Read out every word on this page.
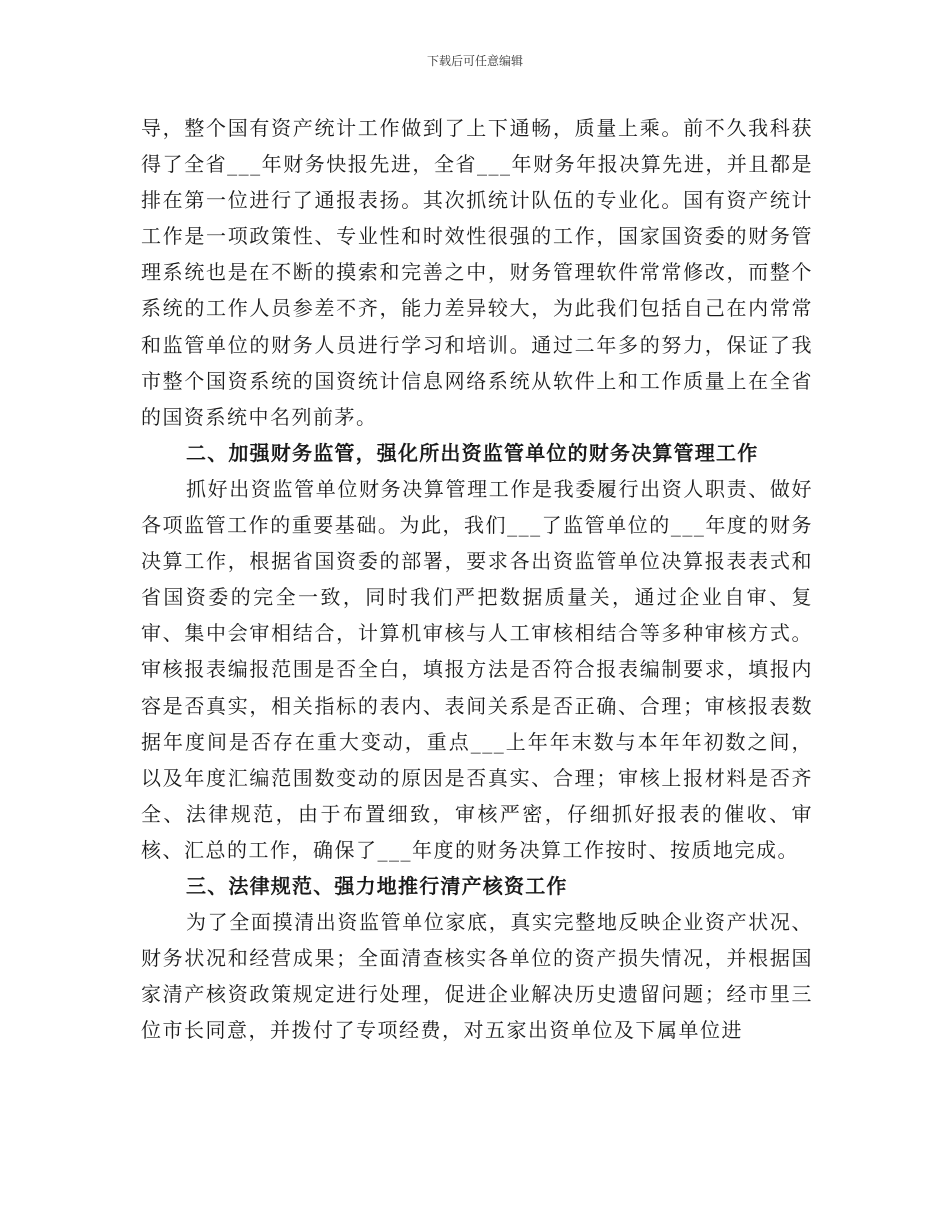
下载后可任意编辑

导，整个国有资产统计工作做到了上下通畅，质量上乘。前不久我科获得了全省___年财务快报先进，全省___年财务年报决算先进，并且都是排在第一位进行了通报表扬。其次抓统计队伍的专业化。国有资产统计工作是一项政策性、专业性和时效性很强的工作，国家国资委的财务管理系统也是在不断的摸索和完善之中，财务管理软件常常修改，而整个系统的工作人员参差不齐，能力差异较大，为此我们包括自己在内常常和监管单位的财务人员进行学习和培训。通过二年多的努力，保证了我市整个国资系统的国资统计信息网络系统从软件上和工作质量上在全省的国资系统中名列前茅。

二、加强财务监管，强化所出资监管单位的财务决算管理工作

抓好出资监管单位财务决算管理工作是我委履行出资人职责、做好各项监管工作的重要基础。为此，我们___了监管单位的___年度的财务决算工作，根据省国资委的部署，要求各出资监管单位决算报表表式和省国资委的完全一致，同时我们严把数据质量关，通过企业自审、复审、集中会审相结合，计算机审核与人工审核相结合等多种审核方式。审核报表编报范围是否全白，填报方法是否符合报表编制要求，填报内容是否真实，相关指标的表内、表间关系是否正确、合理；审核报表数据年度间是否存在重大变动，重点___上年年末数与本年年初数之间，以及年度汇编范围数变动的原因是否真实、合理；审核上报材料是否齐全、法律规范，由于布置细致，审核严密，仔细抓好报表的催收、审核、汇总的工作，确保了___年度的财务决算工作按时、按质地完成。

三、法律规范、强力地推行清产核资工作

为了全面摸清出资监管单位家底，真实完整地反映企业资产状况、财务状况和经营成果；全面清查核实各单位的资产损失情况，并根据国家清产核资政策规定进行处理，促进企业解决历史遗留问题；经市里三位市长同意，并拨付了专项经费，对五家出资单位及下属单位进
